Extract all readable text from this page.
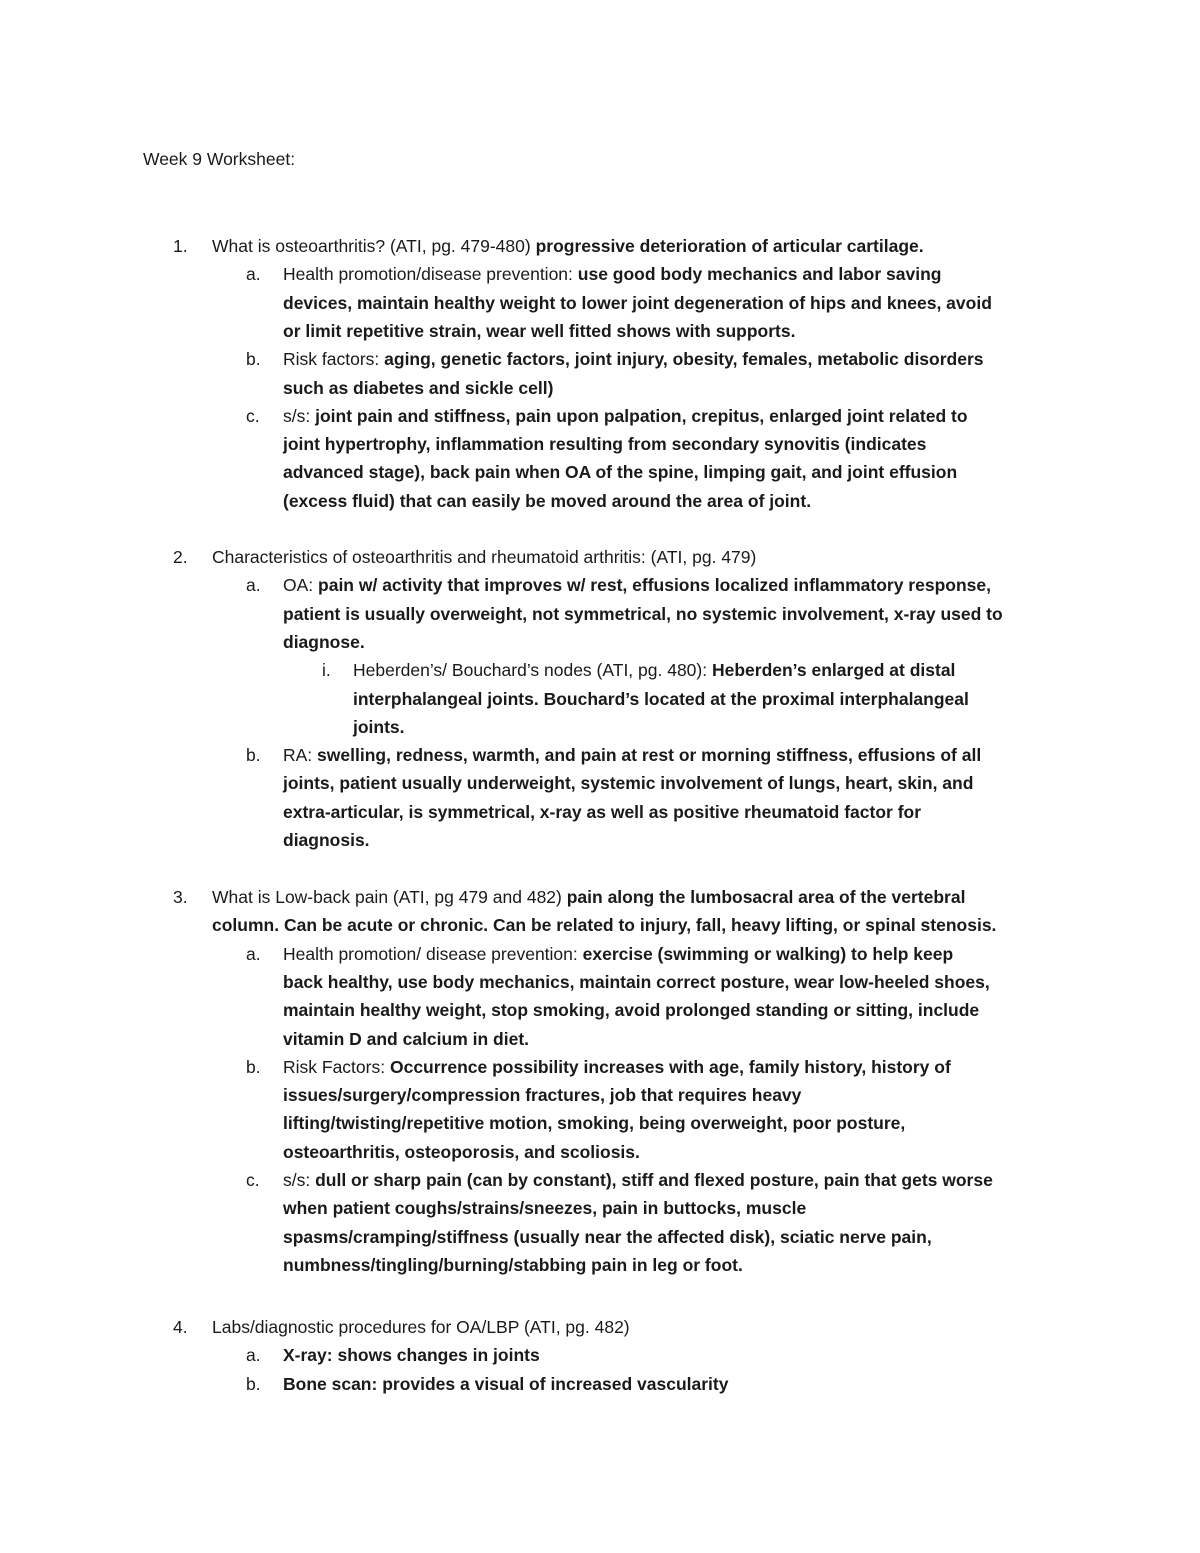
Week 9 Worksheet:
1. What is osteoarthritis? (ATI, pg. 479-480) progressive deterioration of articular cartilage.
a. Health promotion/disease prevention: use good body mechanics and labor saving
devices, maintain healthy weight to lower joint degeneration of hips and knees, avoid
or limit repetitive strain, wear well fitted shows with supports.
b. Risk factors: aging, genetic factors, joint injury, obesity, females, metabolic disorders
such as diabetes and sickle cell)
c. s/s: joint pain and stiffness, pain upon palpation, crepitus, enlarged joint related to
joint hypertrophy, inflammation resulting from secondary synovitis (indicates
advanced stage), back pain when OA of the spine, limping gait, and joint effusion
(excess fluid) that can easily be moved around the area of joint.
2. Characteristics of osteoarthritis and rheumatoid arthritis: (ATI, pg. 479)
a. OA: pain w/ activity that improves w/ rest, effusions localized inflammatory response,
patient is usually overweight, not symmetrical, no systemic involvement, x-ray used to
diagnose.
i. Heberden’s/ Bouchard’s nodes (ATI, pg. 480): Heberden’s enlarged at distal
interphalangeal joints. Bouchard’s located at the proximal interphalangeal
joints.
b. RA: swelling, redness, warmth, and pain at rest or morning stiffness, effusions of all
joints, patient usually underweight, systemic involvement of lungs, heart, skin, and
extra-articular, is symmetrical, x-ray as well as positive rheumatoid factor for
diagnosis.
3. What is Low-back pain (ATI, pg 479 and 482) pain along the lumbosacral area of the vertebral
column. Can be acute or chronic. Can be related to injury, fall, heavy lifting, or spinal stenosis.
a. Health promotion/ disease prevention: exercise (swimming or walking) to help keep
back healthy, use body mechanics, maintain correct posture, wear low-heeled shoes,
maintain healthy weight, stop smoking, avoid prolonged standing or sitting, include
vitamin D and calcium in diet.
b. Risk Factors: Occurrence possibility increases with age, family history, history of
issues/surgery/compression fractures, job that requires heavy
lifting/twisting/repetitive motion, smoking, being overweight, poor posture,
osteoarthritis, osteoporosis, and scoliosis.
c. s/s: dull or sharp pain (can by constant), stiff and flexed posture, pain that gets worse
when patient coughs/strains/sneezes, pain in buttocks, muscle
spasms/cramping/stiffness (usually near the affected disk), sciatic nerve pain,
numbness/tingling/burning/stabbing pain in leg or foot.
4. Labs/diagnostic procedures for OA/LBP (ATI, pg. 482)
a. X-ray: shows changes in joints
b. Bone scan: provides a visual of increased vascularity
